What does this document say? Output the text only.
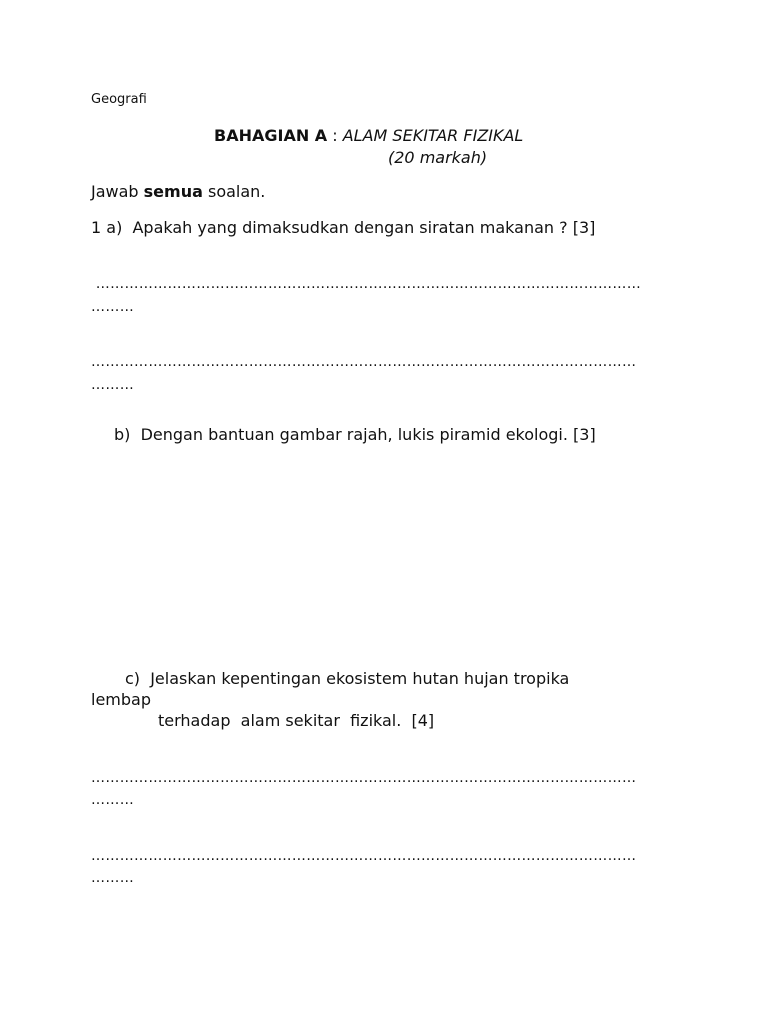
Geografi
BAHAGIAN A : ALAM SEKITAR FIZIKAL
(20 markah)
Jawab semua soalan.
1 a)  Apakah yang dimaksudkan dengan siratan makanan ? [3]
……………………………………………………………………………………………………
………
……………………………………………………………………………………………………
………
b)  Dengan bantuan gambar rajah, lukis piramid ekologi. [3]
c)  Jelaskan kepentingan ekosistem hutan hujan tropika
lembap
terhadap  alam sekitar  fizikal.  [4]
……………………………………………………………………………………………………
………
……………………………………………………………………………………………………
………
